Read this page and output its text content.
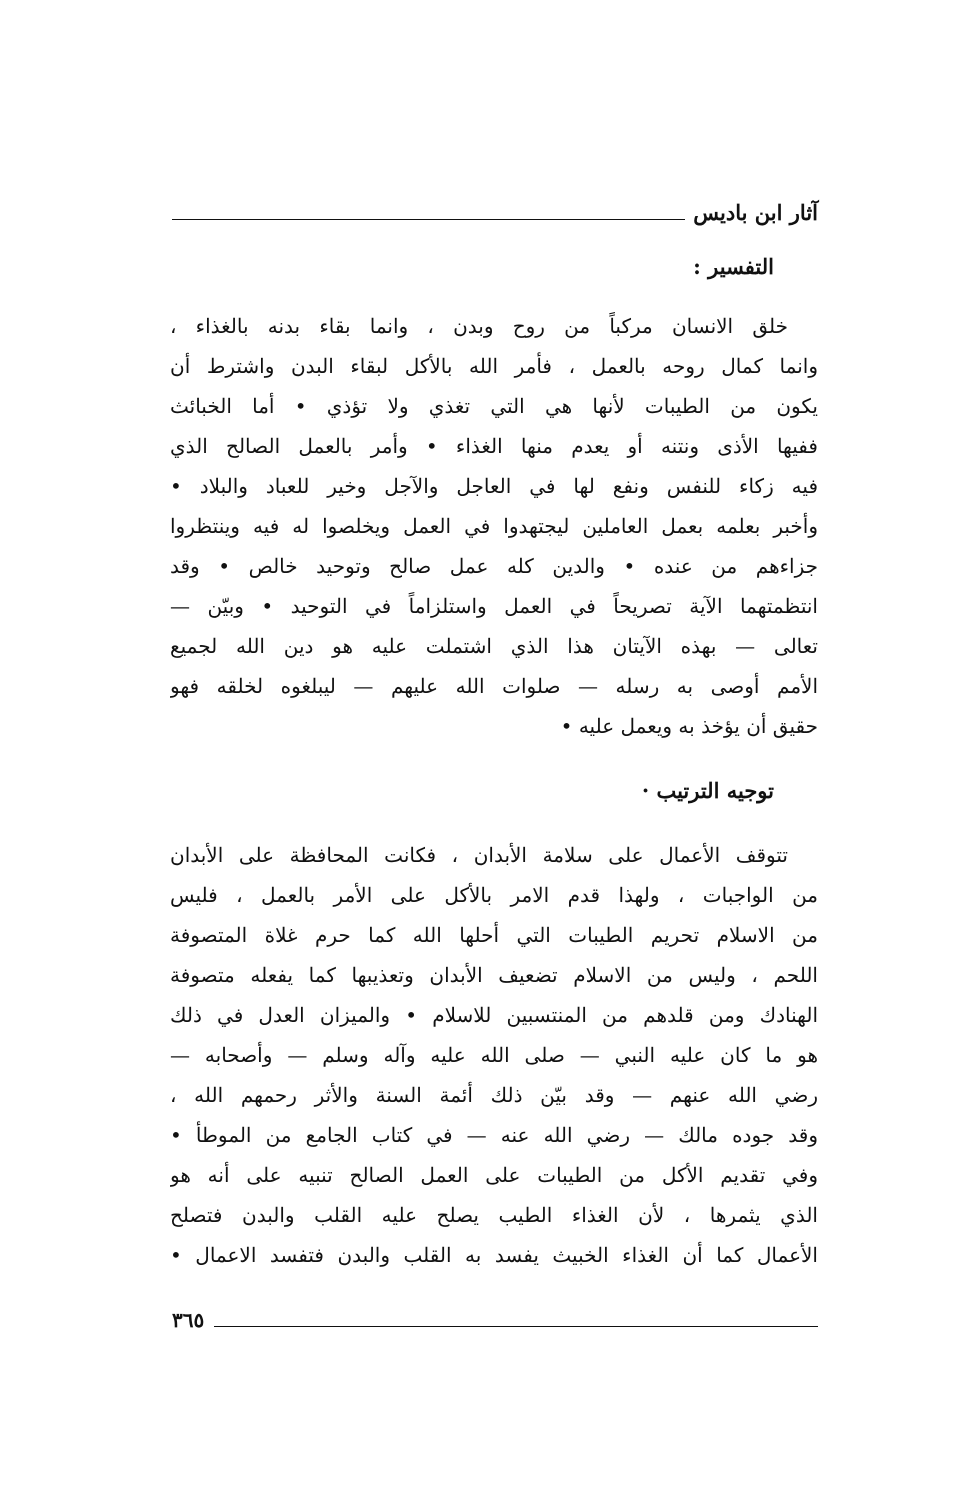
آثار ابن باديس
التفسير :
خلق الانسان مركباً من روح وبدن ، وانما بقاء بدنه بالغذاء ،
وانما كمال روحه بالعمل ، فأمر الله بالأكل لبقاء البدن واشترط أن
يكون من الطيبات لأنها هي التي تغذي ولا تؤذي • أما الخبائث
ففيها الأذى ونتنه أو يعدم منها الغذاء • وأمر بالعمل الصالح الذي
فيه زكاء للنفس ونفع لها في العاجل والآجل وخير للعباد والبلاد •
وأخبر بعلمه بعمل العاملين ليجتهدوا في العمل ويخلصوا له فيه وينتظروا
جزاءهم من عنده • والدين كله عمل صالح وتوحيد خالص • وقد
انتظمتهما الآية تصريحاً في العمل واستلزاماً في التوحيد • وبيّن —
تعالى — بهذه الآيتان هذا الذي اشتملت عليه هو دين الله لجميع
الأمم أوصى به رسله — صلوات الله عليهم — ليبلغوه لخلقه فهو
حقيق أن يؤخذ به ويعمل عليه •
توجيه الترتيب ·
تتوقف الأعمال على سلامة الأبدان ، فكانت المحافظة على الأبدان
من الواجبات ، ولهذا قدم الامر بالأكل على الأمر بالعمل ، فليس
من الاسلام تحريم الطيبات التي أحلها الله كما حرم غلاة المتصوفة
اللحم ، وليس من الاسلام تضعيف الأبدان وتعذيبها كما يفعله متصوفة
الهنادك ومن قلدهم من المنتسبين للاسلام • والميزان العدل في ذلك
هو ما كان عليه النبي — صلى الله عليه وآله وسلم — وأصحابه —
رضي الله عنهم — وقد بيّن ذلك أئمة السنة والأثر رحمهم الله ،
وقد جوده مالك — رضي الله عنه — في كتاب الجامع من الموطأ •
وفي تقديم الأكل من الطيبات على العمل الصالح تنبيه على أنه هو
الذي يثمرها ، لأن الغذاء الطيب يصلح عليه القلب والبدن فتصلح
الأعمال كما أن الغذاء الخبيث يفسد به القلب والبدن فتفسد الاعمال •
٣٦٥
